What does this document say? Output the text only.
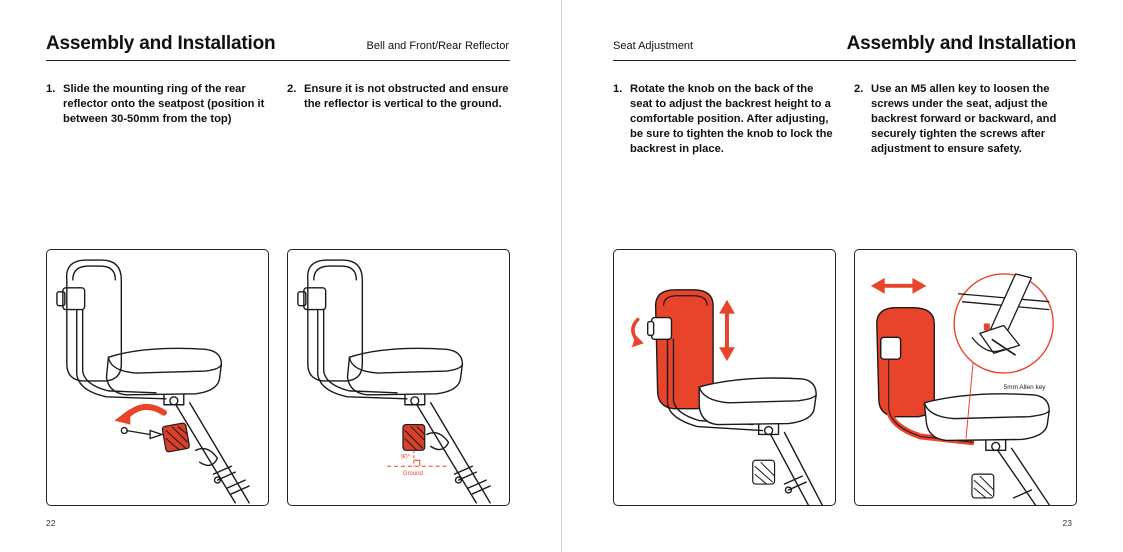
Assembly and Installation	Bell and Front/Rear Reflector
1. Slide the mounting ring of the rear reflector onto the seatpost (position it between 30-50mm from the top)
2. Ensure it is not obstructed and ensure the reflector is vertical to the ground.
90°
Ground
22
Seat Adjustment	Assembly and Installation
1. Rotate the knob on the back of the seat to adjust the backrest height to a comfortable position. After adjusting, be sure to tighten the knob to lock the backrest in place.
2. Use an M5 allen key to loosen the screws under the seat, adjust the backrest forward or backward, and securely tighten the screws after adjustment to ensure safety.
5mm Allen key
23
